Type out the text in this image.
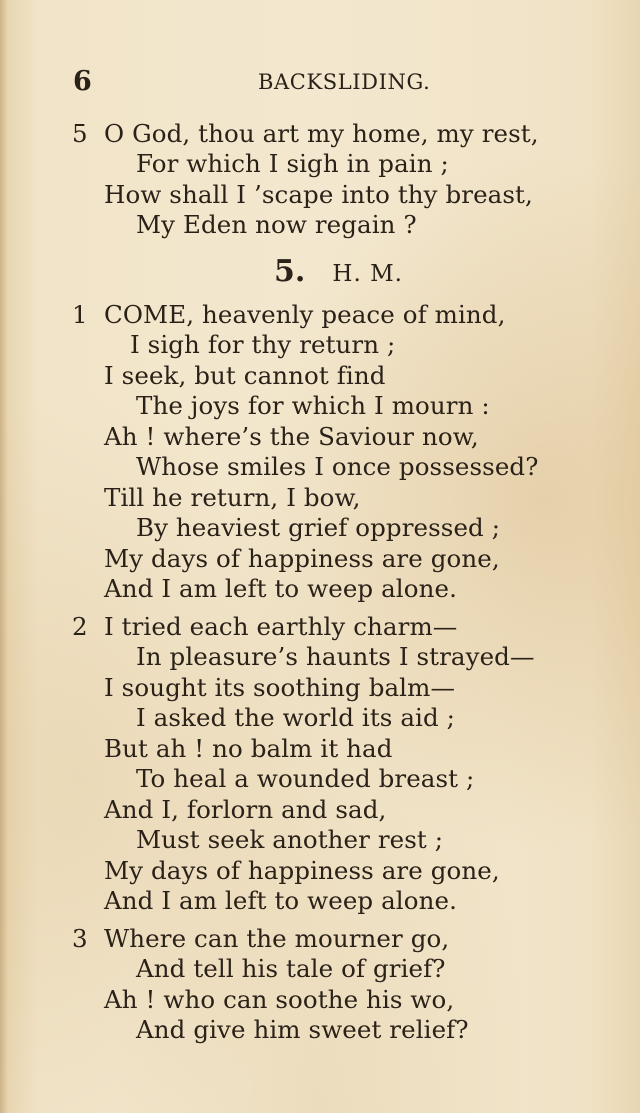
6	BACKSLIDING.
5 O God, thou art my home, my rest,
For which I sigh in pain ;
How shall I ’scape into thy breast,
My Eden now regain ?
5. H. M.
1 COME, heavenly peace of mind,
I sigh for thy return ;
I seek, but cannot find
The joys for which I mourn :
Ah ! where’s the Saviour now,
Whose smiles I once possessed?
Till he return, I bow,
By heaviest grief oppressed ;
My days of happiness are gone,
And I am left to weep alone.
2 I tried each earthly charm—
In pleasure’s haunts I strayed—
I sought its soothing balm—
I asked the world its aid ;
But ah ! no balm it had
To heal a wounded breast ;
And I, forlorn and sad,
Must seek another rest ;
My days of happiness are gone,
And I am left to weep alone.
3 Where can the mourner go,
And tell his tale of grief?
Ah ! who can soothe his wo,
And give him sweet relief?
